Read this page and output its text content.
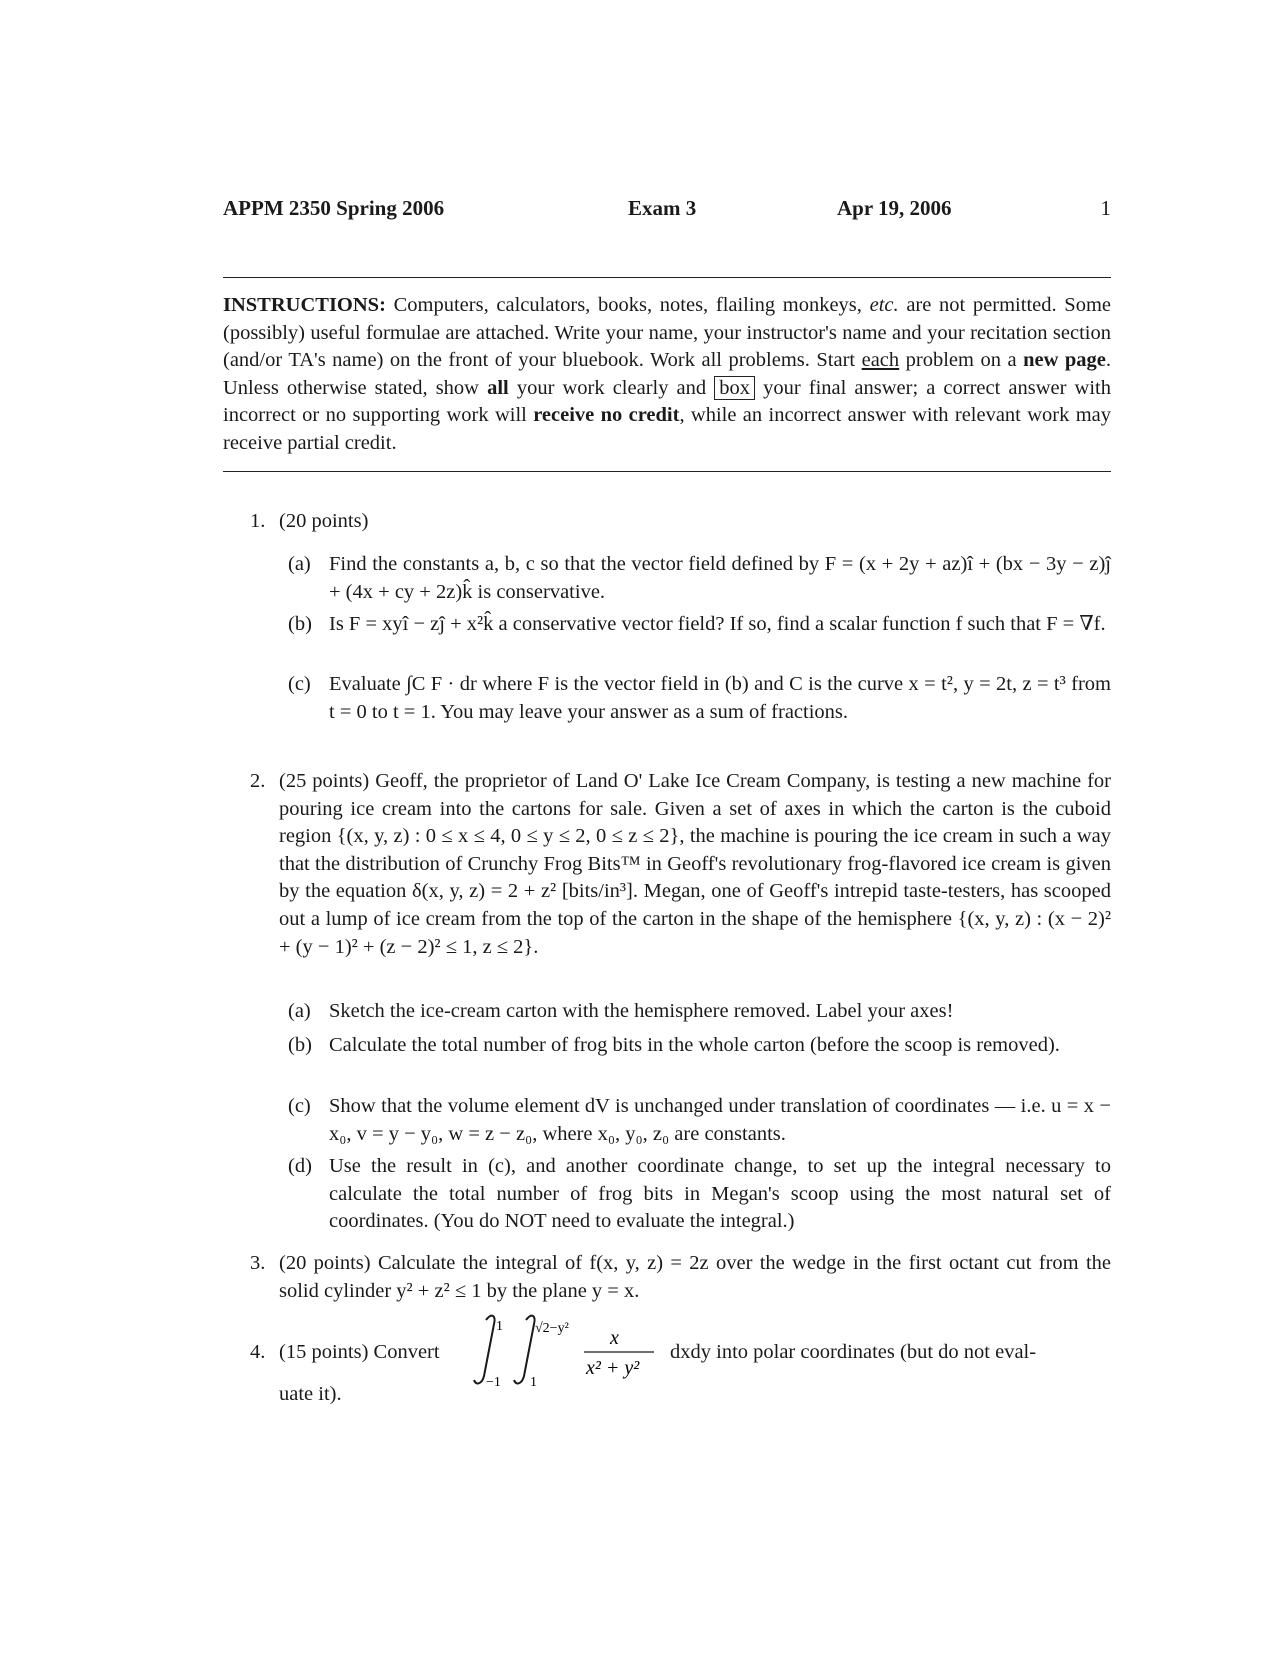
APPM 2350 Spring 2006	Exam 3	Apr 19, 2006	1
INSTRUCTIONS: Computers, calculators, books, notes, flailing monkeys, etc. are not permitted. Some (possibly) useful formulae are attached. Write your name, your instructor's name and your recitation section (and/or TA's name) on the front of your bluebook. Work all problems. Start each problem on a new page. Unless otherwise stated, show all your work clearly and box your final answer; a correct answer with incorrect or no supporting work will receive no credit, while an incorrect answer with relevant work may receive partial credit.
1. (20 points)
(a) Find the constants a, b, c so that the vector field defined by F = (x + 2y + az)î + (bx − 3y − z)ĵ + (4x + cy + 2z)k̂ is conservative.
(b) Is F = xyî − zĵ + x²k̂ a conservative vector field? If so, find a scalar function f such that F = ∇f.
(c) Evaluate ∫C F · dr where F is the vector field in (b) and C is the curve x = t², y = 2t, z = t³ from t = 0 to t = 1. You may leave your answer as a sum of fractions.
2. (25 points) Geoff, the proprietor of Land O' Lake Ice Cream Company, is testing a new machine for pouring ice cream into the cartons for sale. Given a set of axes in which the carton is the cuboid region {(x, y, z) : 0 ≤ x ≤ 4, 0 ≤ y ≤ 2, 0 ≤ z ≤ 2}, the machine is pouring the ice cream in such a way that the distribution of Crunchy Frog Bits™ in Geoff's revolutionary frog-flavored ice cream is given by the equation δ(x, y, z) = 2 + z² [bits/in³]. Megan, one of Geoff's intrepid taste-testers, has scooped out a lump of ice cream from the top of the carton in the shape of the hemisphere {(x, y, z) : (x − 2)² + (y − 1)² + (z − 2)² ≤ 1, z ≤ 2}.
(a) Sketch the ice-cream carton with the hemisphere removed. Label your axes!
(b) Calculate the total number of frog bits in the whole carton (before the scoop is removed).
(c) Show that the volume element dV is unchanged under translation of coordinates — i.e. u = x − x₀, v = y − y₀, w = z − z₀, where x₀, y₀, z₀ are constants.
(d) Use the result in (c), and another coordinate change, to set up the integral necessary to calculate the total number of frog bits in Megan's scoop using the most natural set of coordinates. (You do NOT need to evaluate the integral.)
3. (20 points) Calculate the integral of f(x, y, z) = 2z over the wedge in the first octant cut from the solid cylinder y² + z² ≤ 1 by the plane y = x.
4. (15 points) Convert
1
−1
√2−y²
1
x
x² + y²
dxdy into polar coordinates (but do not eval-
uate it).
